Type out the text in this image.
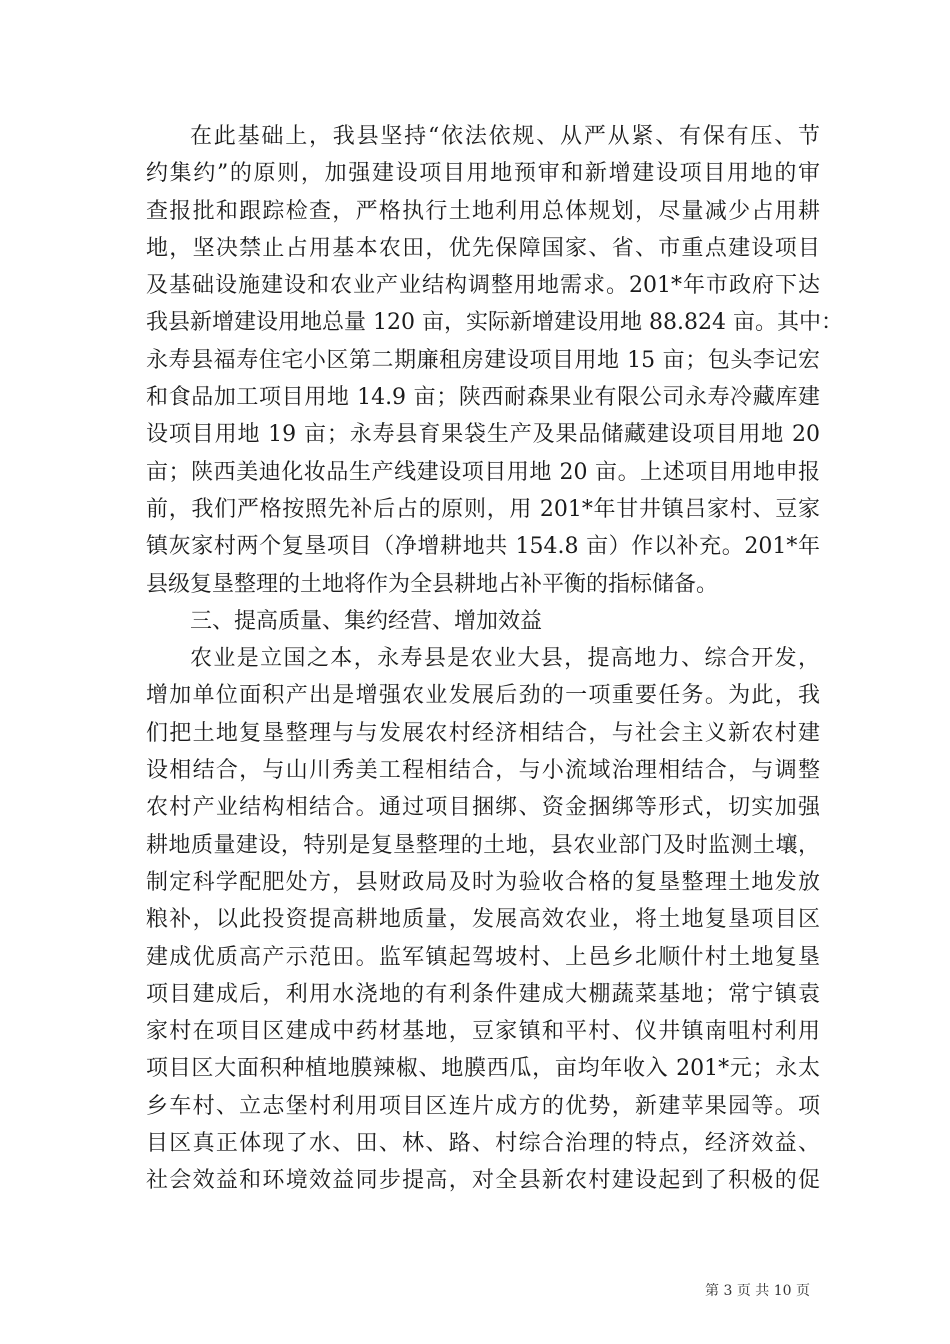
在此基础上，我县坚持“依法依规、从严从紧、有保有压、节
约集约”的原则，加强建设项目用地预审和新增建设项目用地的审
查报批和跟踪检查，严格执行土地利用总体规划，尽量减少占用耕
地，坚决禁止占用基本农田，优先保障国家、省、市重点建设项目
及基础设施建设和农业产业结构调整用地需求。201*年市政府下达
我县新增建设用地总量 120 亩，实际新增建设用地 88.824 亩。其中：
永寿县福寿住宅小区第二期廉租房建设项目用地 15 亩；包头李记宏
和食品加工项目用地 14.9 亩；陕西耐森果业有限公司永寿冷藏库建
设项目用地 19 亩；永寿县育果袋生产及果品储藏建设项目用地 20
亩；陕西美迪化妆品生产线建设项目用地 20 亩。上述项目用地申报
前，我们严格按照先补后占的原则，用 201*年甘井镇吕家村、豆家
镇灰家村两个复垦项目（净增耕地共 154.8 亩）作以补充。201*年
县级复垦整理的土地将作为全县耕地占补平衡的指标储备。
三、提高质量、集约经营、增加效益
农业是立国之本，永寿县是农业大县，提高地力、综合开发，
增加单位面积产出是增强农业发展后劲的一项重要任务。为此，我
们把土地复垦整理与与发展农村经济相结合，与社会主义新农村建
设相结合，与山川秀美工程相结合，与小流域治理相结合，与调整
农村产业结构相结合。通过项目捆绑、资金捆绑等形式，切实加强
耕地质量建设，特别是复垦整理的土地，县农业部门及时监测土壤，
制定科学配肥处方，县财政局及时为验收合格的复垦整理土地发放
粮补，以此投资提高耕地质量，发展高效农业，将土地复垦项目区
建成优质高产示范田。监军镇起驾坡村、上邑乡北顺什村土地复垦
项目建成后，利用水浇地的有利条件建成大棚蔬菜基地；常宁镇袁
家村在项目区建成中药材基地，豆家镇和平村、仪井镇南咀村利用
项目区大面积种植地膜辣椒、地膜西瓜，亩均年收入 201*元；永太
乡车村、立志堡村利用项目区连片成方的优势，新建苹果园等。项
目区真正体现了水、田、林、路、村综合治理的特点，经济效益、
社会效益和环境效益同步提高，对全县新农村建设起到了积极的促
第 3 页 共 10 页
